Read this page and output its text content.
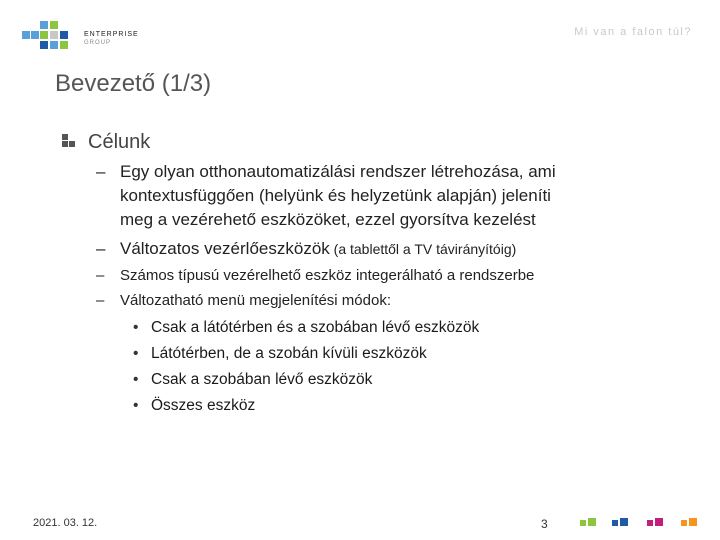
ENTERPRISE
GROUP
Mi van a falon túl?
Bevezető (1/3)
Célunk
– Egy olyan otthonautomatizálási rendszer létrehozása, ami
kontextusfüggően (helyünk és helyzetünk alapján) jeleníti
meg a vezérehető eszközöket, ezzel gyorsítva kezelést
– Változatos vezérlőeszközök (a tablettől a TV távirányítóig)
– Számos típusú vezérelhető eszköz integerálható a rendszerbe
– Változatható menü megjelenítési módok:
• Csak a látótérben és a szobában lévő eszközök
• Látótérben, de a szobán kívüli eszközök
• Csak a szobában lévő eszközök
• Összes eszköz
2021. 03. 12.	3
